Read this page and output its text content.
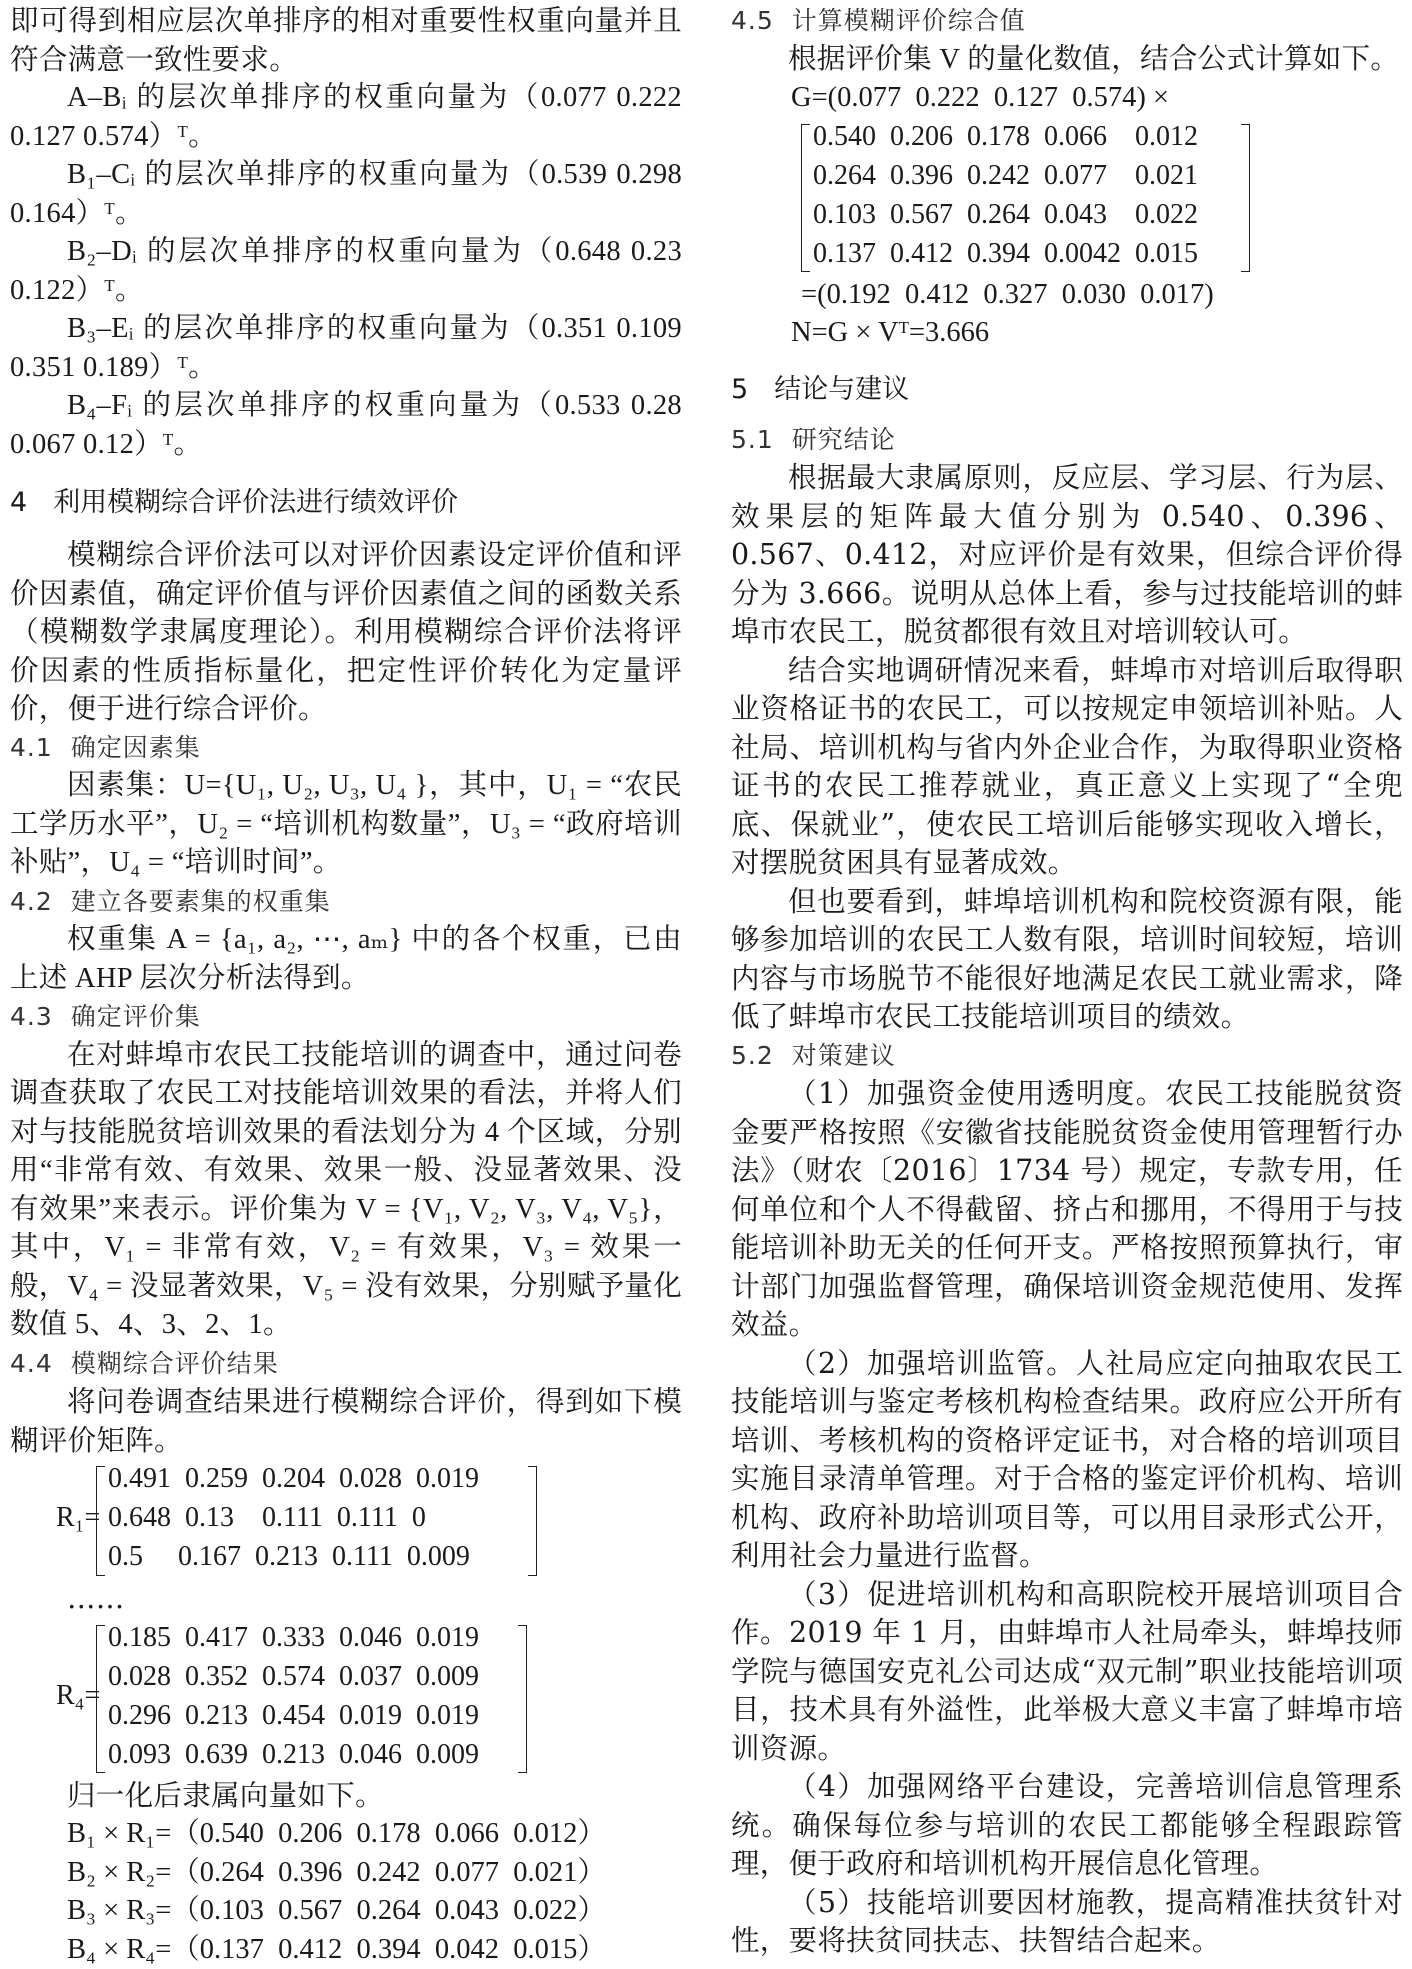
即可得到相应层次单排序的相对重要性权重向量并且符合满意一致性要求。

A–Bᵢ 的层次单排序的权重向量为（0.077 0.222 0.127 0.574）ᵀ。

B₁–Cᵢ 的层次单排序的权重向量为（0.539 0.298 0.164）ᵀ。

B₂–Dᵢ 的层次单排序的权重向量为（0.648 0.23 0.122）ᵀ。

B₃–Eᵢ 的层次单排序的权重向量为（0.351 0.109 0.351 0.189）ᵀ。

B₄–Fᵢ 的层次单排序的权重向量为（0.533 0.28 0.067 0.12）ᵀ。

4 利用模糊综合评价法进行绩效评价

模糊综合评价法可以对评价因素设定评价值和评价因素值，确定评价值与评价因素值之间的函数关系（模糊数学隶属度理论）。利用模糊综合评价法将评价因素的性质指标量化，把定性评价转化为定量评价，便于进行综合评价。

4.1 确定因素集

因素集：U={U₁, U₂, U₃, U₄ }，其中，U₁ = “农民工学历水平”，U₂ = “培训机构数量”，U₃ = “政府培训补贴”，U₄ = “培训时间”。

4.2 建立各要素集的权重集

权重集 A = {a₁, a₂, ⋯, aₘ} 中的各个权重，已由上述 AHP 层次分析法得到。

4.3 确定评价集

在对蚌埠市农民工技能培训的调查中，通过问卷调查获取了农民工对技能培训效果的看法，并将人们对与技能脱贫培训效果的看法划分为 4 个区域，分别用“非常有效、有效果、效果一般、没显著效果、没有效果”来表示。评价集为 V = {V₁, V₂, V₃, V₄, V₅}，其中，V₁ = 非常有效，V₂ = 有效果，V₃ = 效果一般，V₄ = 没显著效果，V₅ = 没有效果，分别赋予量化数值 5、4、3、2、1。

4.4 模糊综合评价结果

将问卷调查结果进行模糊综合评价，得到如下模糊评价矩阵。

R₁=
0.491  0.259  0.204  0.028  0.019
0.648  0.13    0.111  0.111  0
0.5     0.167  0.213  0.111  0.009

……

R₄=
0.185  0.417  0.333  0.046  0.019
0.028  0.352  0.574  0.037  0.009
0.296  0.213  0.454  0.019  0.019
0.093  0.639  0.213  0.046  0.009

归一化后隶属向量如下。

B₁ × R₁=（0.540  0.206  0.178  0.066  0.012）

B₂ × R₂=（0.264  0.396  0.242  0.077  0.021）

B₃ × R₃=（0.103  0.567  0.264  0.043  0.022）

B₄ × R₄=（0.137  0.412  0.394  0.042  0.015）

4.5 计算模糊评价综合值

根据评价集 V 的量化数值，结合公式计算如下。

G=(0.077  0.222  0.127  0.574) ×

0.540  0.206  0.178  0.066    0.012
0.264  0.396  0.242  0.077    0.021
0.103  0.567  0.264  0.043    0.022
0.137  0.412  0.394  0.0042  0.015

=(0.192  0.412  0.327  0.030  0.017)

N=G × Vᵀ=3.666

5 结论与建议
5.1 研究结论

根据最大隶属原则，反应层、学习层、行为层、效果层的矩阵最大值分别为 0.540、0.396、0.567、0.412，对应评价是有效果，但综合评价得分为 3.666。说明从总体上看，参与过技能培训的蚌埠市农民工，脱贫都很有效且对培训较认可。

结合实地调研情况来看，蚌埠市对培训后取得职业资格证书的农民工，可以按规定申领培训补贴。人社局、培训机构与省内外企业合作，为取得职业资格证书的农民工推荐就业，真正意义上实现了“全兜底、保就业”，使农民工培训后能够实现收入增长，对摆脱贫困具有显著成效。

但也要看到，蚌埠培训机构和院校资源有限，能够参加培训的农民工人数有限，培训时间较短，培训内容与市场脱节不能很好地满足农民工就业需求，降低了蚌埠市农民工技能培训项目的绩效。

5.2 对策建议

（1）加强资金使用透明度。农民工技能脱贫资金要严格按照《安徽省技能脱贫资金使用管理暂行办法》（财农〔2016〕1734 号）规定，专款专用，任何单位和个人不得截留、挤占和挪用，不得用于与技能培训补助无关的任何开支。严格按照预算执行，审计部门加强监督管理，确保培训资金规范使用、发挥效益。

（2）加强培训监管。人社局应定向抽取农民工技能培训与鉴定考核机构检查结果。政府应公开所有培训、考核机构的资格评定证书，对合格的培训项目实施目录清单管理。对于合格的鉴定评价机构、培训机构、政府补助培训项目等，可以用目录形式公开，利用社会力量进行监督。

（3）促进培训机构和高职院校开展培训项目合作。2019 年 1 月，由蚌埠市人社局牵头，蚌埠技师学院与德国安克礼公司达成“双元制”职业技能培训项目，技术具有外溢性，此举极大意义丰富了蚌埠市培训资源。

（4）加强网络平台建设，完善培训信息管理系统。确保每位参与培训的农民工都能够全程跟踪管理，便于政府和培训机构开展信息化管理。

（5）技能培训要因材施教，提高精准扶贫针对性，要将扶贫同扶志、扶智结合起来。
